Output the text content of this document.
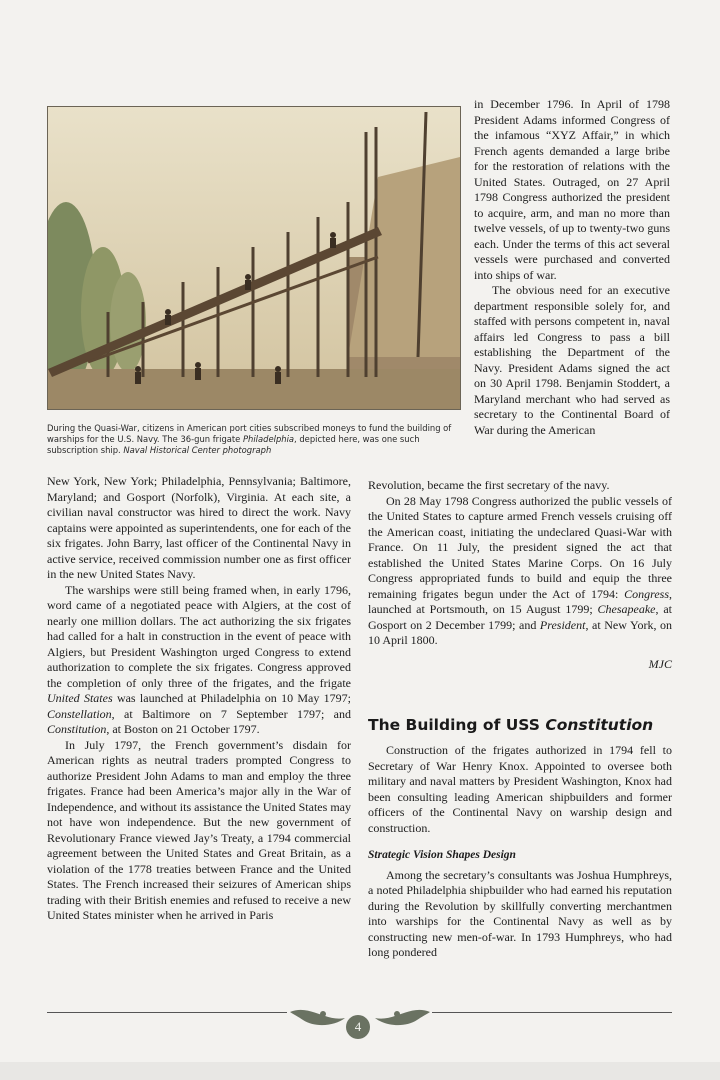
During the Quasi-War, citizens in American port cities subscribed moneys to fund the building of warships for the U.S. Navy. The 36-gun frigate Philadelphia, depicted here, was one such subscription ship. Naval Historical Center photograph

in December 1796. In April of 1798 President Adams informed Congress of the infamous “XYZ Affair,” in which French agents demanded a large bribe for the restoration of relations with the United States. Outraged, on 27 April 1798 Congress authorized the president to acquire, arm, and man no more than twelve vessels, of up to twenty-two guns each. Under the terms of this act several vessels were purchased and converted into ships of war.

The obvious need for an executive department responsible solely for, and staffed with persons competent in, naval affairs led Congress to pass a bill establishing the Department of the Navy. President Adams signed the act on 30 April 1798. Benjamin Stoddert, a Maryland merchant who had served as secretary to the Continental Board of War during the American

New York, New York; Philadelphia, Pennsylvania; Baltimore, Maryland; and Gosport (Norfolk), Virginia. At each site, a civilian naval constructor was hired to direct the work. Navy captains were appointed as superintendents, one for each of the six frigates. John Barry, last officer of the Continental Navy in active service, received commission number one as first officer in the new United States Navy.

The warships were still being framed when, in early 1796, word came of a negotiated peace with Algiers, at the cost of nearly one million dollars. The act authorizing the six frigates had called for a halt in construction in the event of peace with Algiers, but President Washington urged Congress to extend authorization to complete the six frigates. Congress approved the completion of only three of the frigates, and the frigate United States was launched at Philadelphia on 10 May 1797; Constellation, at Baltimore on 7 September 1797; and Constitution, at Boston on 21 October 1797.

In July 1797, the French government’s disdain for American rights as neutral traders prompted Congress to authorize President John Adams to man and employ the three frigates. France had been America’s major ally in the War of Independence, and without its assistance the United States may not have won independence. But the new government of Revolutionary France viewed Jay’s Treaty, a 1794 commercial agreement between the United States and Great Britain, as a violation of the 1778 treaties between France and the United States. The French increased their seizures of American ships trading with their British enemies and refused to receive a new United States minister when he arrived in Paris

Revolution, became the first secretary of the navy.

On 28 May 1798 Congress authorized the public vessels of the United States to capture armed French vessels cruising off the American coast, initiating the undeclared Quasi-War with France. On 11 July, the president signed the act that established the United States Marine Corps. On 16 July Congress appropriated funds to build and equip the three remaining frigates begun under the Act of 1794: Congress, launched at Portsmouth, on 15 August 1799; Chesapeake, at Gosport on 2 December 1799; and President, at New York, on 10 April 1800.

MJC

The Building of USS Constitution

Construction of the frigates authorized in 1794 fell to Secretary of War Henry Knox. Appointed to oversee both military and naval matters by President Washington, Knox had been consulting leading American shipbuilders and former officers of the Continental Navy on warship design and construction.

Strategic Vision Shapes Design

Among the secretary’s consultants was Joshua Humphreys, a noted Philadelphia shipbuilder who had earned his reputation during the Revolution by skillfully converting merchantmen into warships for the Continental Navy as well as by constructing new men-of-war. In 1793 Humphreys, who had long pondered

4
